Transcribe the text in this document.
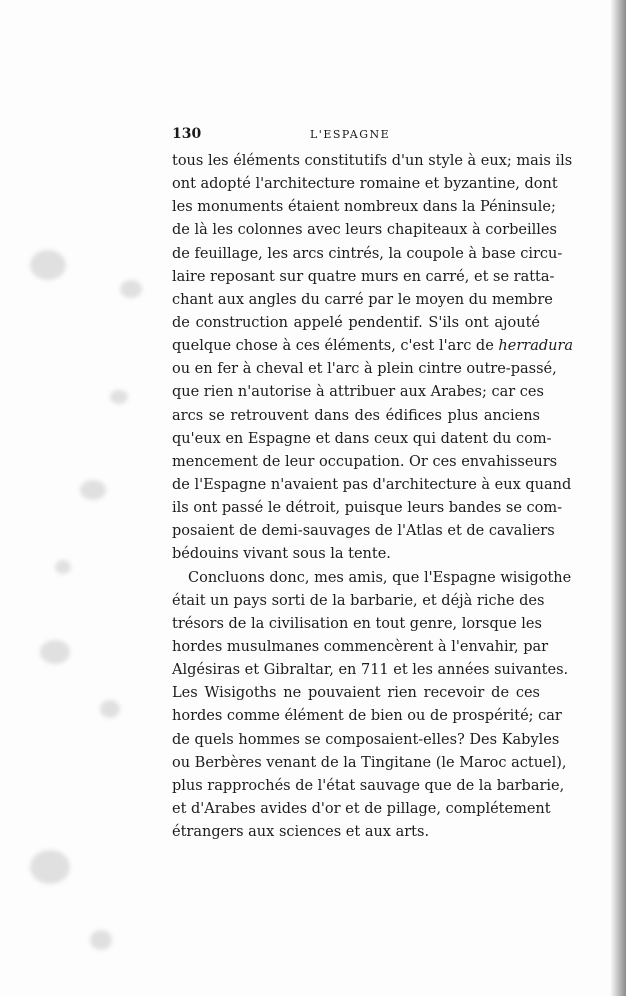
130	L'ESPAGNE
tous les éléments constitutifs d'un style à eux; mais ils
ont adopté l'architecture romaine et byzantine, dont
les monuments étaient nombreux dans la Péninsule;
de là les colonnes avec leurs chapiteaux à corbeilles
de feuillage, les arcs cintrés, la coupole à base circu-
laire reposant sur quatre murs en carré, et se ratta-
chant aux angles du carré par le moyen du membre
de construction appelé pendentif. S'ils ont ajouté
quelque chose à ces éléments, c'est l'arc de herradura
ou en fer à cheval et l'arc à plein cintre outre-passé,
que rien n'autorise à attribuer aux Arabes; car ces
arcs se retrouvent dans des édifices plus anciens
qu'eux en Espagne et dans ceux qui datent du com-
mencement de leur occupation. Or ces envahisseurs
de l'Espagne n'avaient pas d'architecture à eux quand
ils ont passé le détroit, puisque leurs bandes se com-
posaient de demi-sauvages de l'Atlas et de cavaliers
bédouins vivant sous la tente.
Concluons donc, mes amis, que l'Espagne wisigothe
était un pays sorti de la barbarie, et déjà riche des
trésors de la civilisation en tout genre, lorsque les
hordes musulmanes commencèrent à l'envahir, par
Algésiras et Gibraltar, en 711 et les années suivantes.
Les Wisigoths ne pouvaient rien recevoir de ces
hordes comme élément de bien ou de prospérité; car
de quels hommes se composaient-elles? Des Kabyles
ou Berbères venant de la Tingitane (le Maroc actuel),
plus rapprochés de l'état sauvage que de la barbarie,
et d'Arabes avides d'or et de pillage, complétement
étrangers aux sciences et aux arts.
